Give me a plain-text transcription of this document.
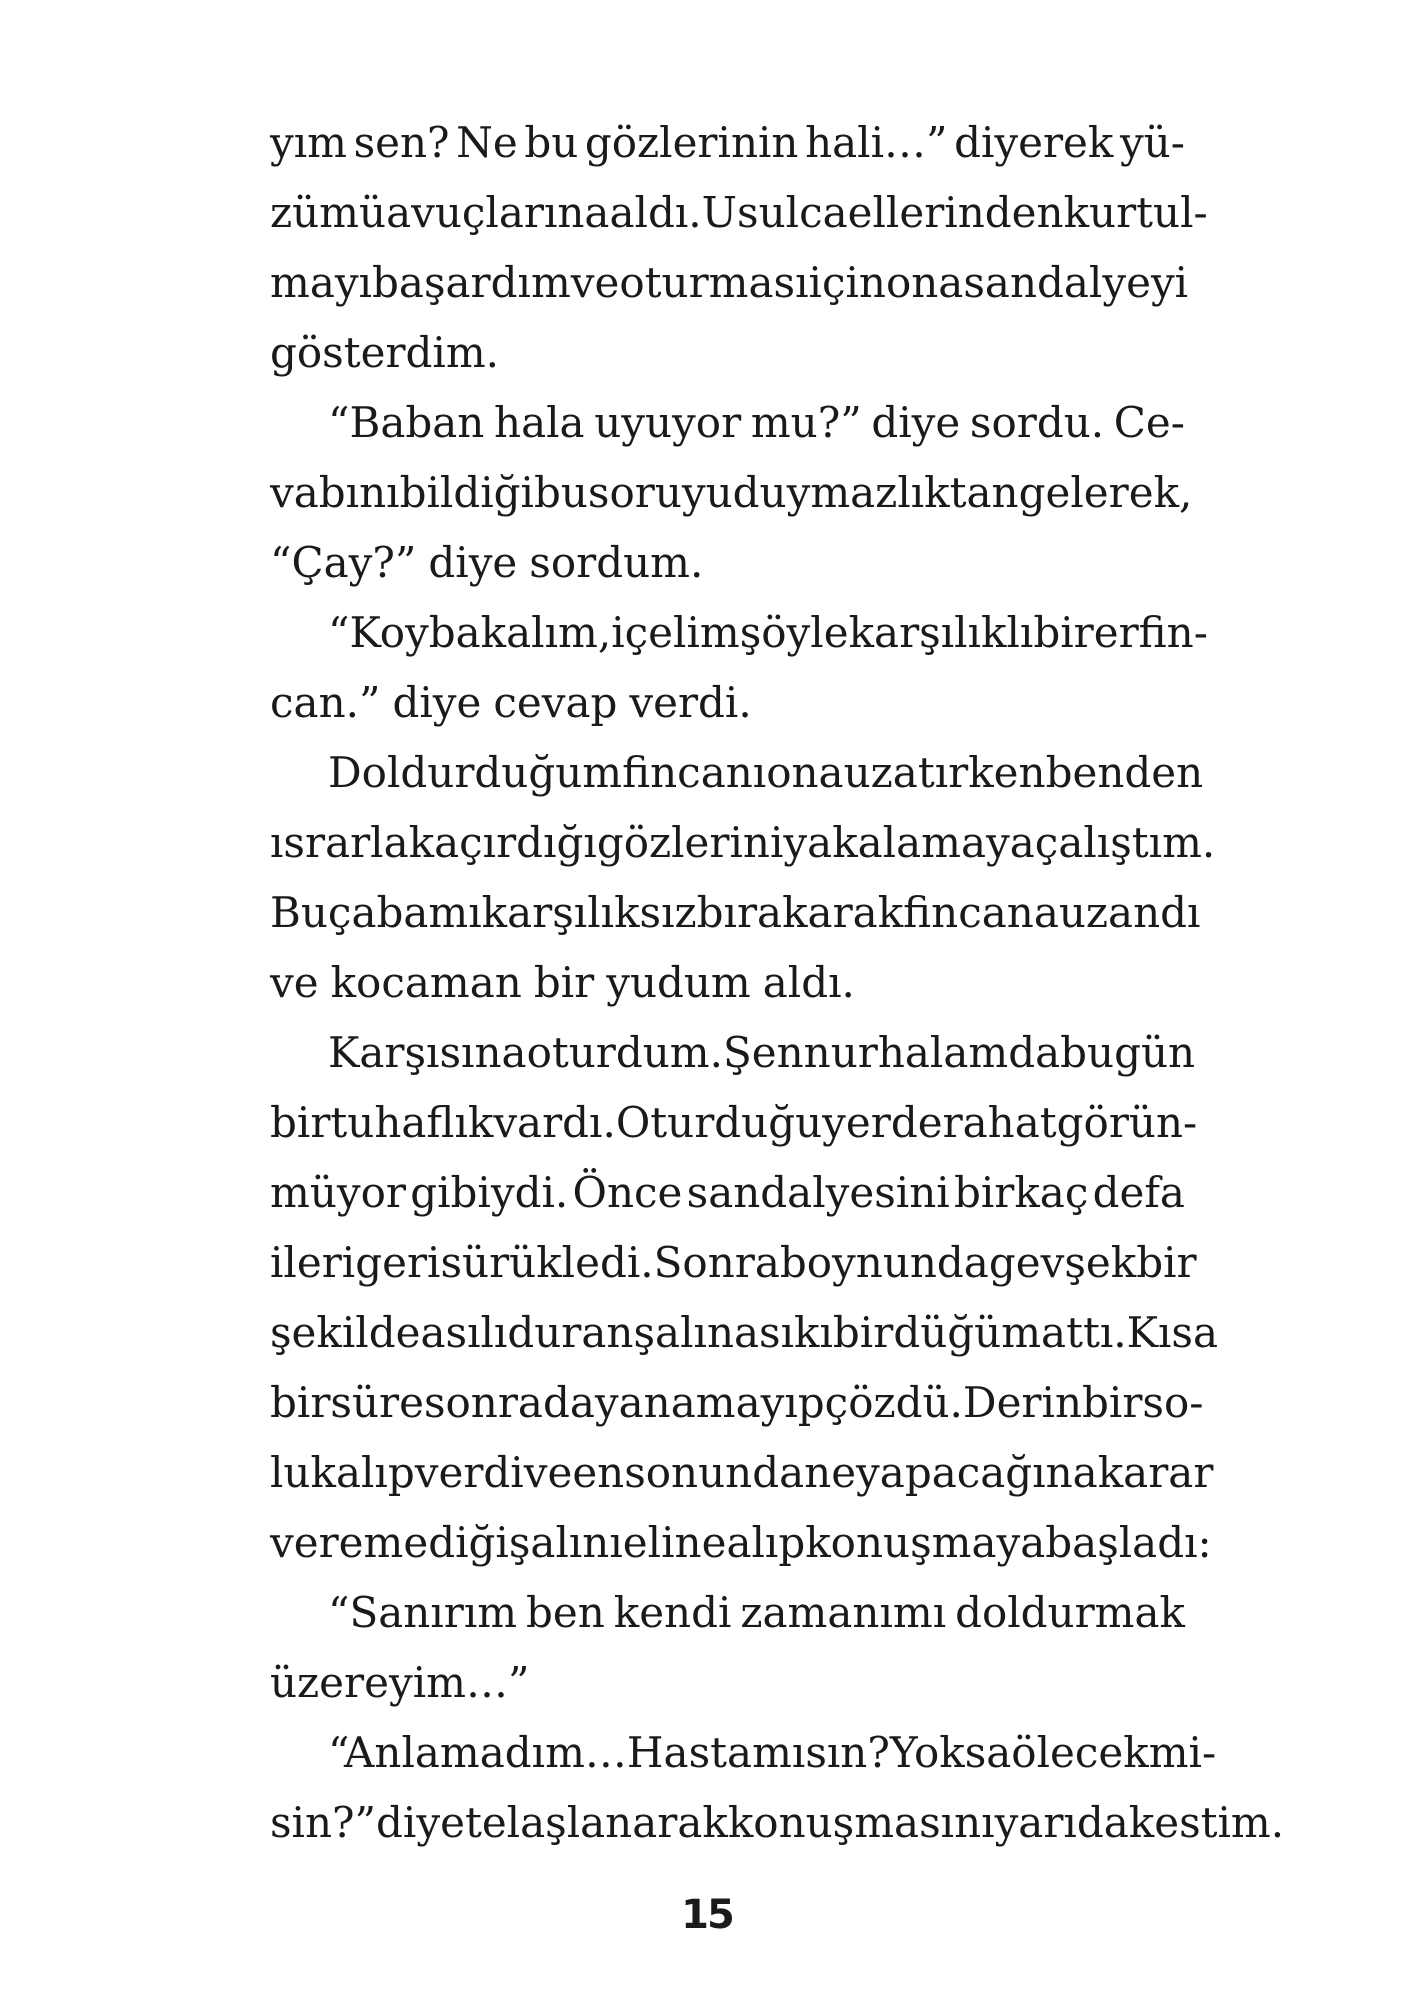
yım sen? Ne bu gözlerinin hali…” diyerek yü-
zümü avuçlarına aldı. Usulca ellerinden kurtul-
mayı başardım ve oturması için ona sandalyeyi
gösterdim.
“Baban hala uyuyor mu?” diye sordu. Ce-
vabını bildiği bu soruyu duymazlıktan gelerek,
“Çay?” diye sordum.
“Koy bakalım, içelim şöyle karşılıklı birer fin-
can.” diye cevap verdi.
Doldurduğum fincanı ona uzatırken benden
ısrarla kaçırdığı gözlerini yakalamaya çalıştım.
Bu çabamı karşılıksız bırakarak fincana uzandı
ve kocaman bir yudum aldı.
Karşısına oturdum. Şennur halamda bugün
bir tuhaflık vardı. Oturduğu yerde rahat görün-
müyor gibiydi. Önce sandalyesini birkaç defa
ileri geri sürükledi. Sonra boynunda gevşek bir
şekilde asılı duran şalına sıkı bir düğüm attı. Kısa
bir süre sonra dayanamayıp çözdü. Derin bir so-
luk alıp verdi ve en sonunda ne yapacağına karar
veremediği şalını eline alıp konuşmaya başladı:
“Sanırım ben kendi zamanımı doldurmak
üzereyim…”
“Anlamadım… Hasta mısın? Yoksa ölecek mi-
sin?” diye telaşlanarak konuşmasını yarıda kestim.
15
